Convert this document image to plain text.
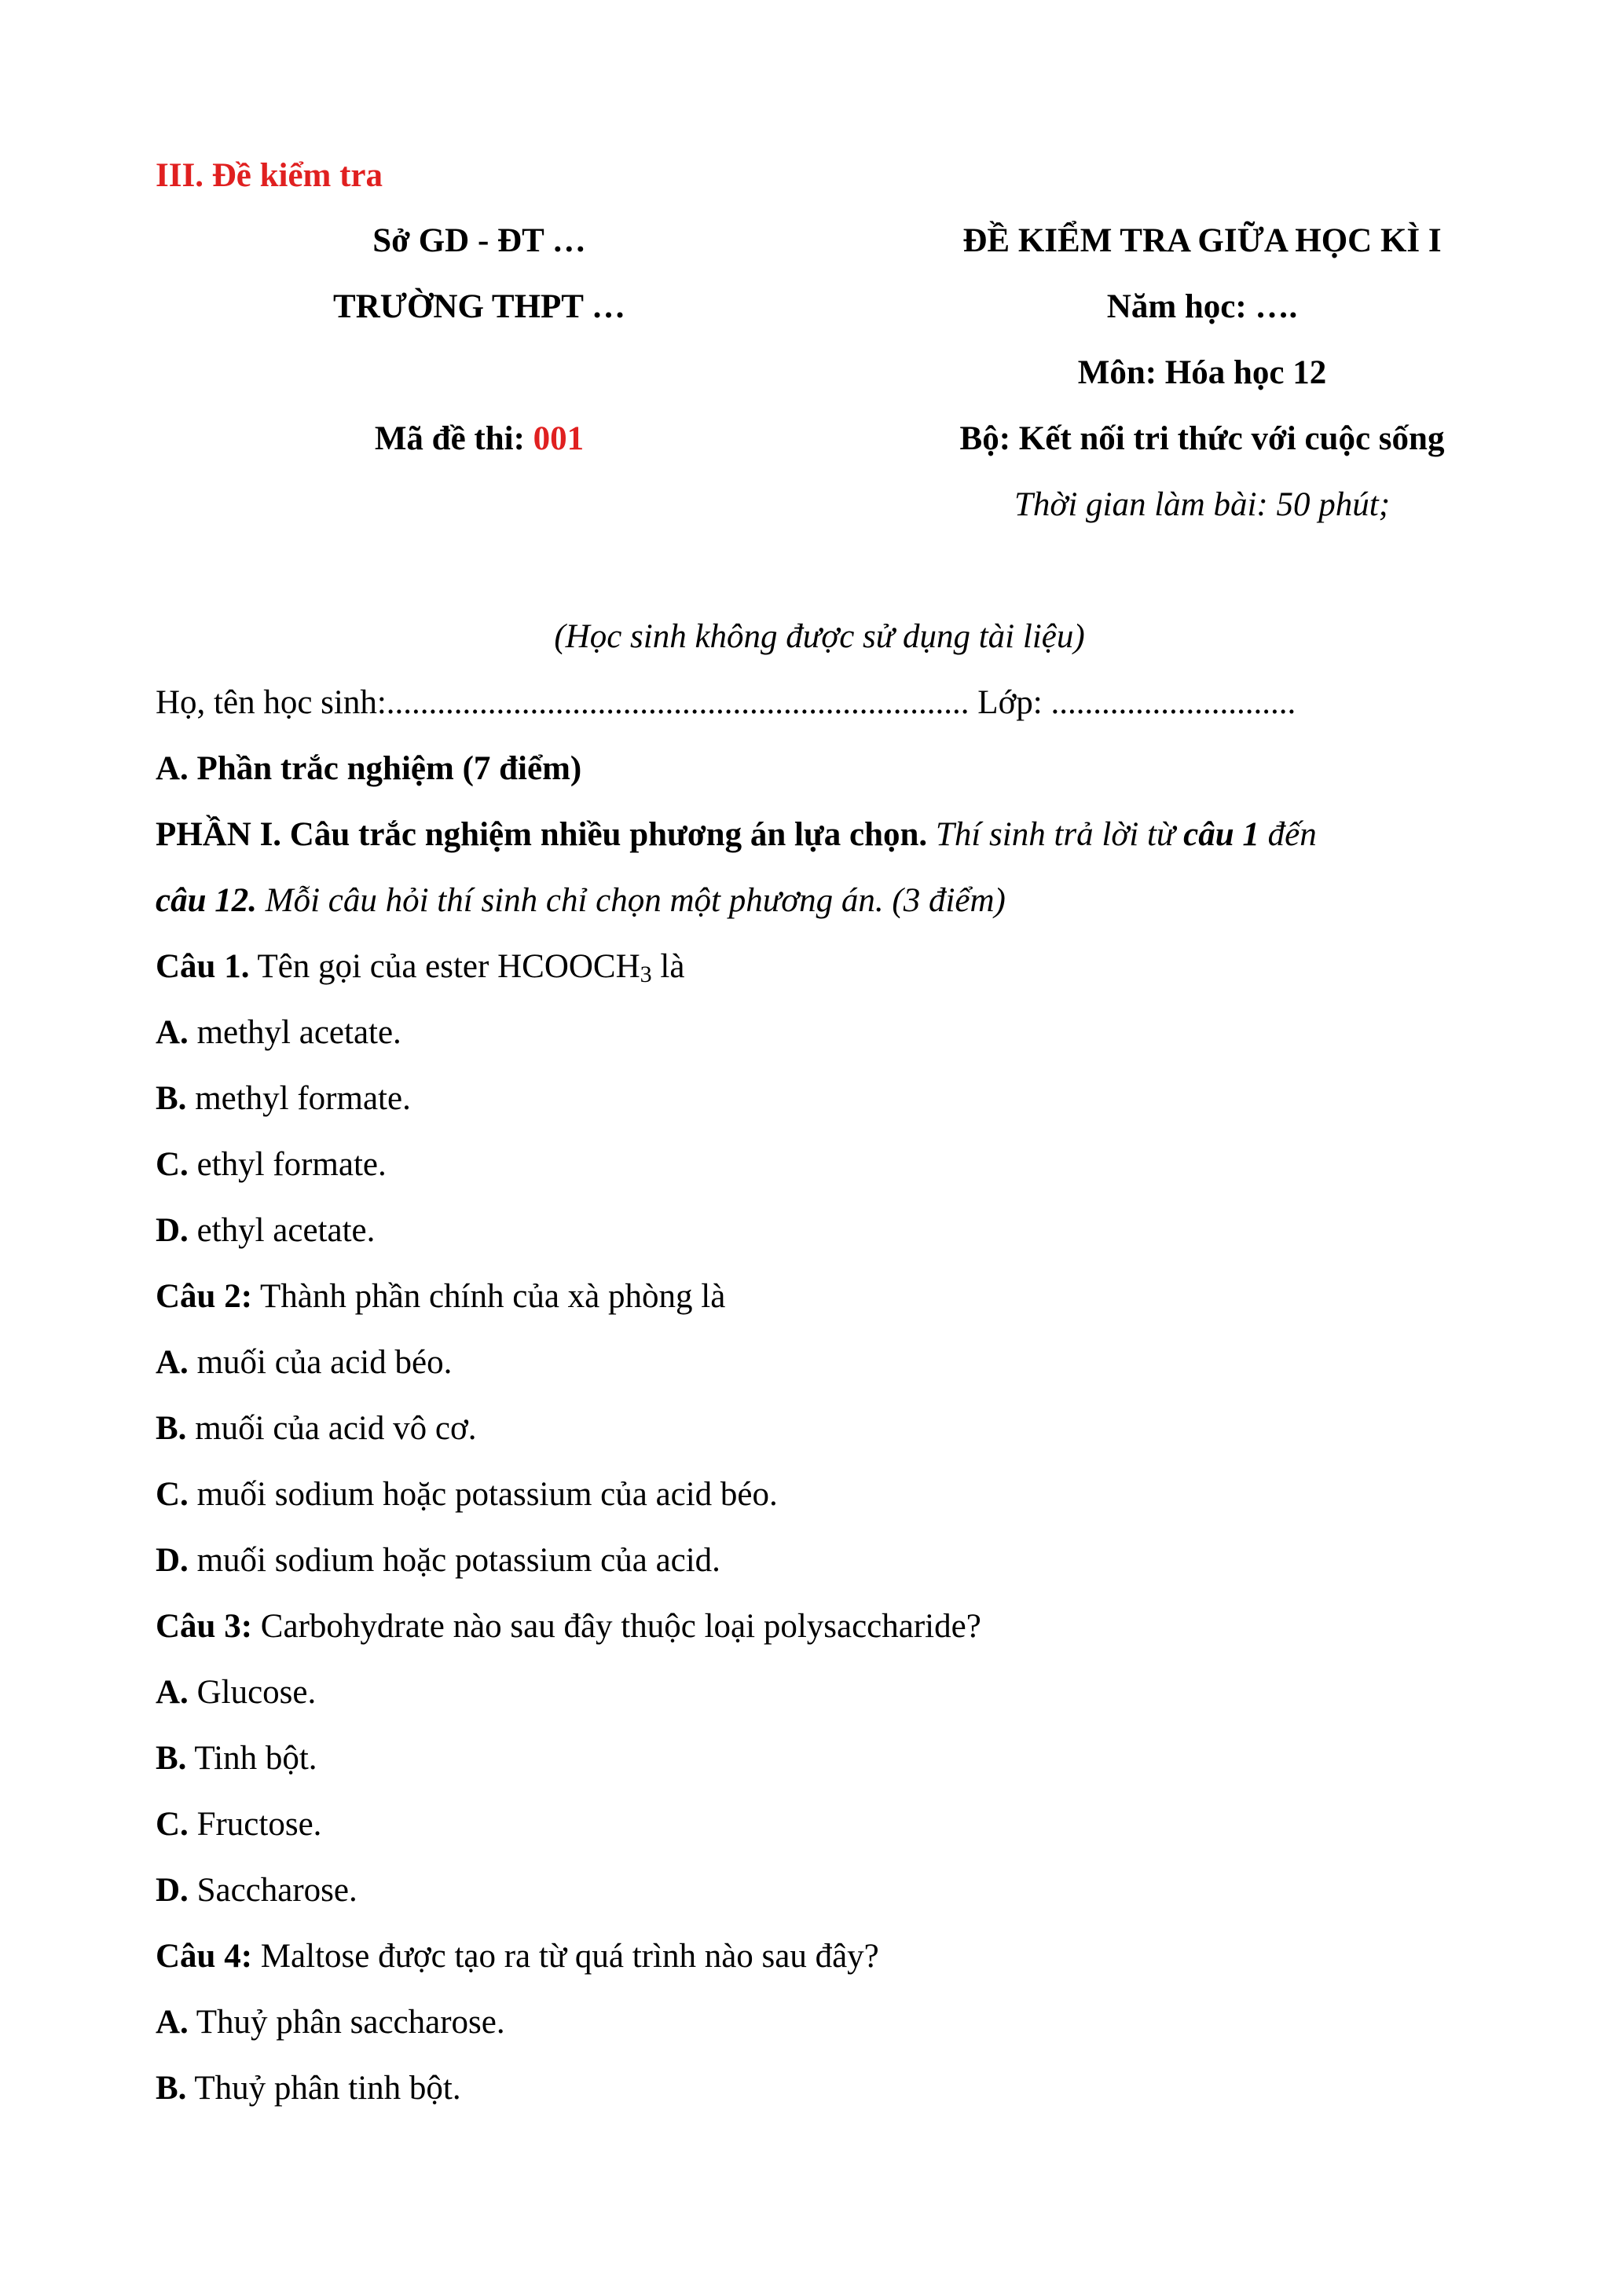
III. Đề kiểm tra
Sở GD - ĐT …
TRƯỜNG THPT …
Mã đề thi: 001
ĐỀ KIỂM TRA GIỮA HỌC KÌ I
Năm học: ….
Môn: Hóa học 12
Bộ: Kết nối tri thức với cuộc sống
Thời gian làm bài: 50 phút;
(Học sinh không được sử dụng tài liệu)
Họ, tên học sinh:..................................................................... Lớp: .............................
A. Phần trắc nghiệm (7 điểm)
PHẦN I. Câu trắc nghiệm nhiều phương án lựa chọn. Thí sinh trả lời từ câu 1 đến
câu 12. Mỗi câu hỏi thí sinh chỉ chọn một phương án. (3 điểm)
Câu 1. Tên gọi của ester $HCOOCH_3$ là
A. methyl acetate.
B. methyl formate.
C. ethyl formate.
D. ethyl acetate.
Câu 2: Thành phần chính của xà phòng là
A. muối của acid béo.
B. muối của acid vô cơ.
C. muối sodium hoặc potassium của acid béo.
D. muối sodium hoặc potassium của acid.
Câu 3: Carbohydrate nào sau đây thuộc loại polysaccharide?
A. Glucose.
B. Tinh bột.
C. Fructose.
D. Saccharose.
Câu 4: Maltose được tạo ra từ quá trình nào sau đây?
A. Thuỷ phân saccharose.
B. Thuỷ phân tinh bột.
